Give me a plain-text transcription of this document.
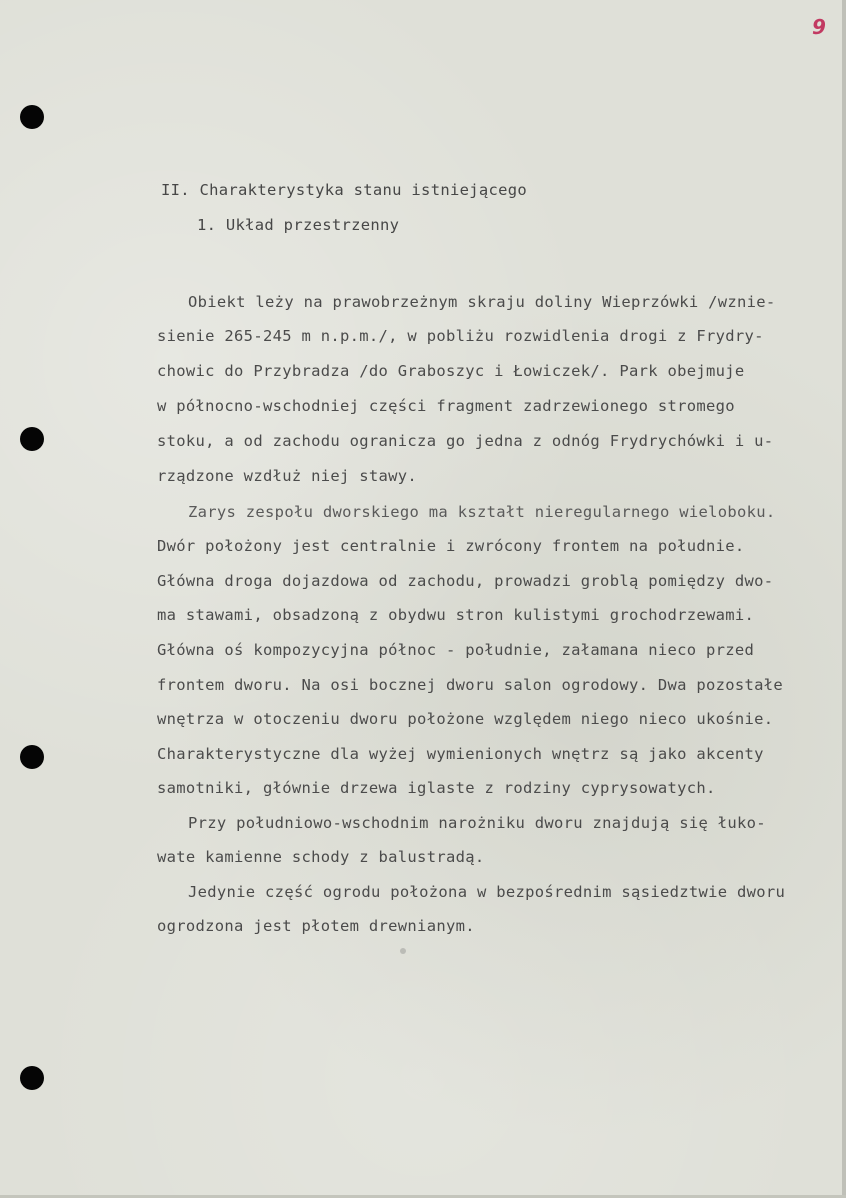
9
II. Charakterystyka stanu istniejącego
1. Układ przestrzenny
Obiekt leży na prawobrzeżnym skraju doliny Wieprzówki /wznie-
sienie 265-245 m n.p.m./, w pobliżu rozwidlenia drogi z Frydry-
chowic do Przybradza /do Graboszyc i Łowiczek/. Park obejmuje
w północno-wschodniej części fragment zadrzewionego stromego
stoku, a od zachodu ogranicza go jedna z odnóg Frydrychówki i u-
rządzone wzdłuż niej stawy.
Zarys zespołu dworskiego ma kształt nieregularnego wieloboku.
Dwór położony jest centralnie i zwrócony frontem na południe.
Główna droga dojazdowa od zachodu, prowadzi groblą pomiędzy dwo-
ma stawami, obsadzoną z obydwu stron kulistymi grochodrzewami.
Główna oś kompozycyjna północ - południe, załamana nieco przed
frontem dworu. Na osi bocznej dworu salon ogrodowy. Dwa pozostałe
wnętrza w otoczeniu dworu położone względem niego nieco ukośnie.
Charakterystyczne dla wyżej wymienionych wnętrz są jako akcenty
samotniki, głównie drzewa iglaste z rodziny cyprysowatych.
Przy południowo-wschodnim narożniku dworu znajdują się łuko-
wate kamienne schody z balustradą.
Jedynie część ogrodu położona w bezpośrednim sąsiedztwie dworu
ogrodzona jest płotem drewnianym.
